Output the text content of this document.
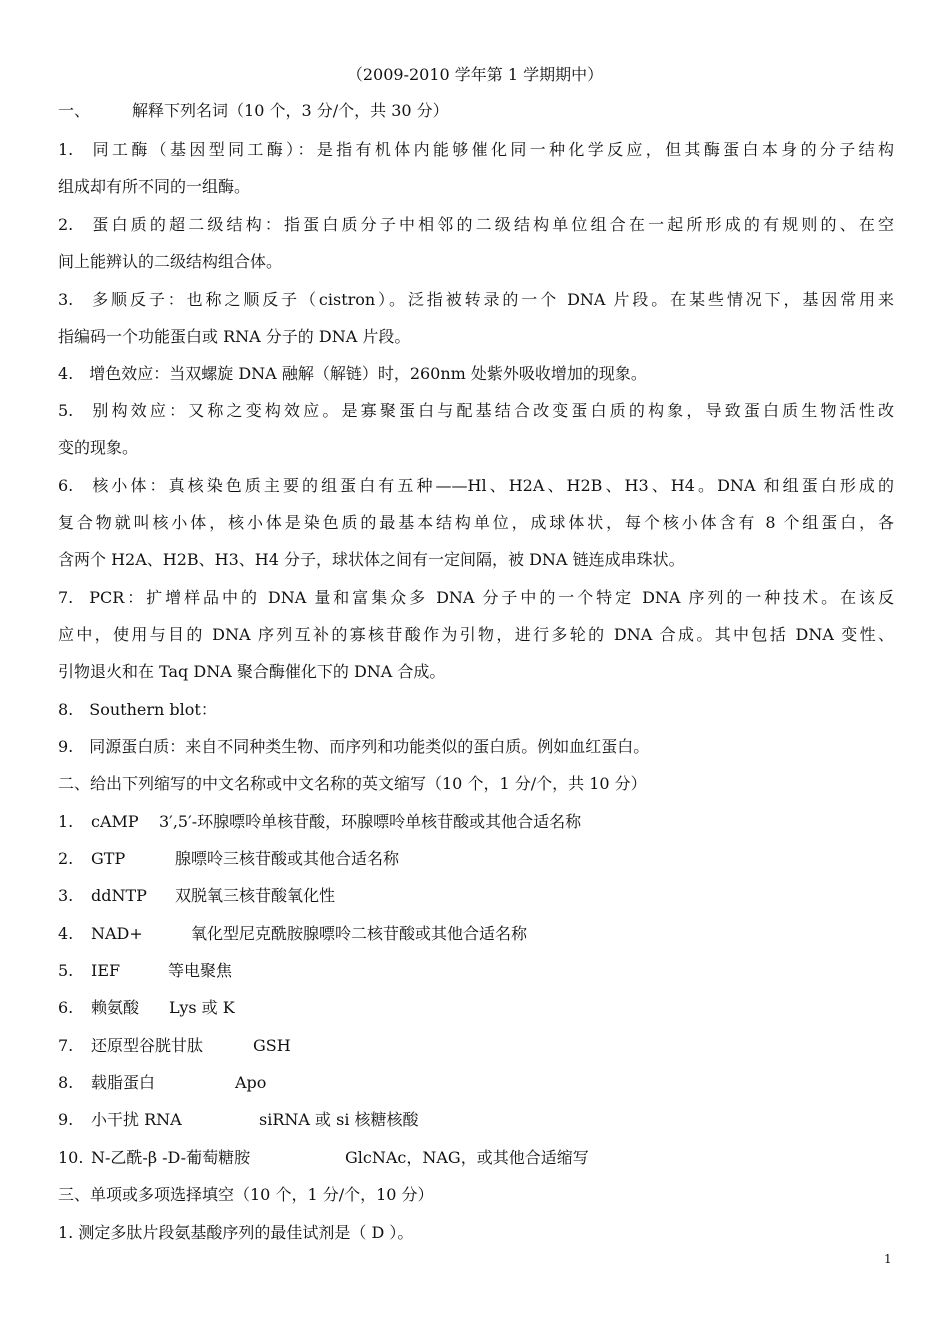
（2009-2010 学年第 1 学期期中）
一、	解释下列名词（10 个，3 分/个，共 30 分）
1.  同工酶（基因型同工酶）：是指有机体内能够催化同一种化学反应，但其酶蛋白本身的分子结构
组成却有所不同的一组酶。
2.  蛋白质的超二级结构：指蛋白质分子中相邻的二级结构单位组合在一起所形成的有规则的、在空
间上能辨认的二级结构组合体。
3.  多顺反子：也称之顺反子（cistron）。泛指被转录的一个 DNA 片段。在某些情况下，基因常用来
指编码一个功能蛋白或 RNA 分子的 DNA 片段。
4.  增色效应：当双螺旋 DNA 融解（解链）时，260nm 处紫外吸收增加的现象。
5.  别构效应：又称之变构效应。是寡聚蛋白与配基结合改变蛋白质的构象，导致蛋白质生物活性改
变的现象。
6.  核小体：真核染色质主要的组蛋白有五种——Hl、H2A、H2B、H3、H4。DNA 和组蛋白形成的
复合物就叫核小体，核小体是染色质的最基本结构单位，成球体状，每个核小体含有 8 个组蛋白，各
含两个 H2A、H2B、H3、H4 分子，球状体之间有一定间隔，被 DNA 链连成串珠状。
7.  PCR：扩增样品中的 DNA 量和富集众多 DNA 分子中的一个特定 DNA 序列的一种技术。在该反
应中，使用与目的 DNA 序列互补的寡核苷酸作为引物，进行多轮的 DNA 合成。其中包括 DNA 变性、
引物退火和在 Taq DNA 聚合酶催化下的 DNA 合成。
8.  Southern blot：
9.  同源蛋白质：来自不同种类生物、而序列和功能类似的蛋白质。例如血红蛋白。
二、给出下列缩写的中文名称或中文名称的英文缩写（10 个，1 分/个，共 10 分）
1. cAMP 3′,5′-环腺嘌呤单核苷酸，环腺嘌呤单核苷酸或其他合适名称
2. GTP	腺嘌呤三核苷酸或其他合适名称
3. ddNTP 双脱氧三核苷酸氧化性
4. NAD+	氧化型尼克酰胺腺嘌呤二核苷酸或其他合适名称
5. IEF	等电聚焦
6. 赖氨酸 Lys 或 K
7. 还原型谷胱甘肽	GSH
8. 载脂蛋白	Apo
9. 小干扰 RNA	siRNA 或 si 核糖核酸
10. N-乙酰-β -D-葡萄糖胺	GlcNAc，NAG，或其他合适缩写
三、单项或多项选择填空（10 个，1 分/个，10 分）
1. 测定多肽片段氨基酸序列的最佳试剂是（ D ）。
1
